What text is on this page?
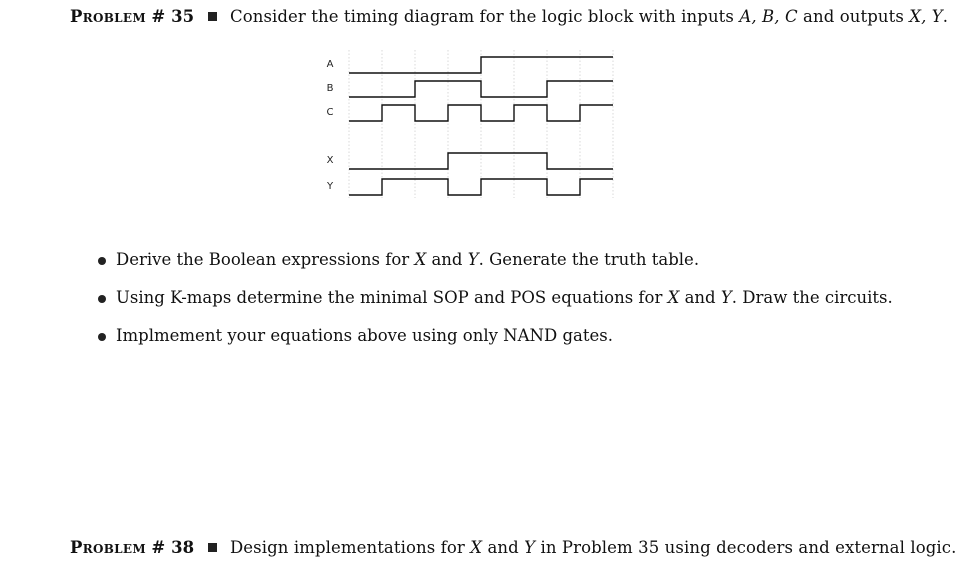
Problem # 35 Consider the timing diagram for the logic block with inputs A, B, C and outputs X, Y.
A
B
C
X
Y
Derive the Boolean expressions for X and Y. Generate the truth table.
Using K-maps determine the minimal SOP and POS equations for X and Y. Draw the circuits.
Implmement your equations above using only NAND gates.
Problem # 38 Design implementations for X and Y in Problem 35 using decoders and external logic.
